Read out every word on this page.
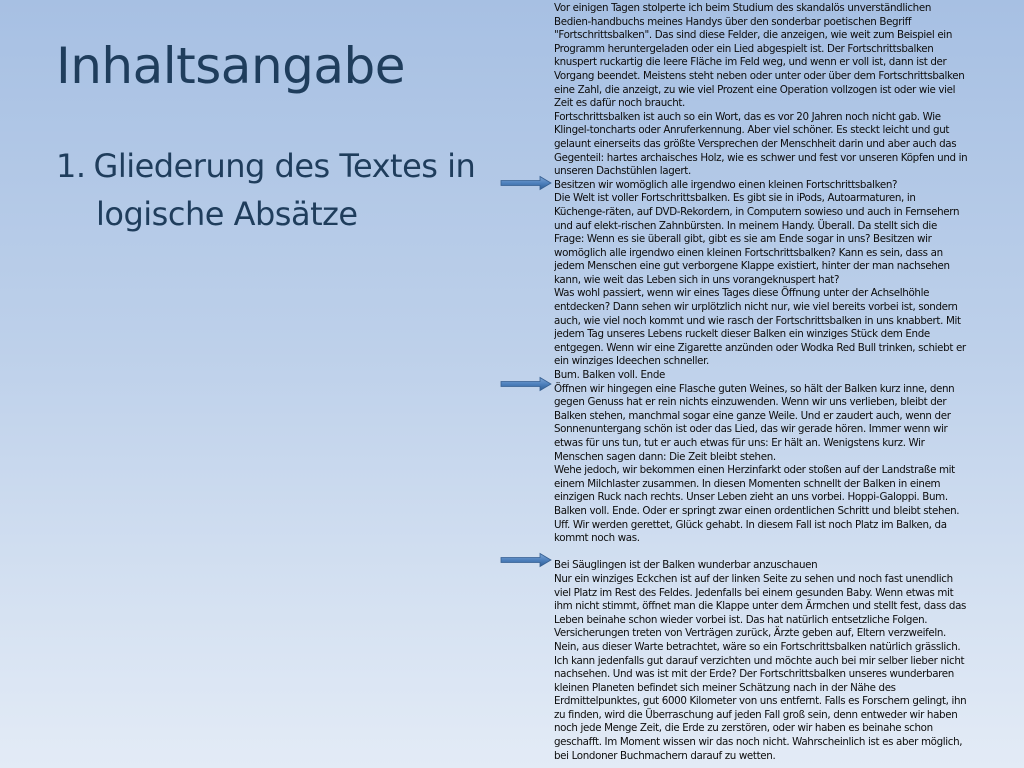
Inhaltsangabe
1. Gliederung des Textes in logische Absätze

Vor einigen Tagen stolperte ich beim Studium des skandalös unverständlichen Bedien-handbuchs meines Handys über den sonderbar poetischen Begriff "Fortschrittsbalken". Das sind diese Felder, die anzeigen, wie weit zum Beispiel ein Programm heruntergeladen oder ein Lied abgespielt ist. Der Fortschrittsbalken knuspert ruckartig die leere Fläche im Feld weg, und wenn er voll ist, dann ist der Vorgang beendet. Meistens steht neben oder unter oder über dem Fortschrittsbalken eine Zahl, die anzeigt, zu wie viel Prozent eine Operation vollzogen ist oder wie viel Zeit es dafür noch braucht.

Fortschrittsbalken ist auch so ein Wort, das es vor 20 Jahren noch nicht gab. Wie Klingel-toncharts oder Anruferkennung. Aber viel schöner. Es steckt leicht und gut gelaunt einerseits das größte Versprechen der Menschheit darin und aber auch das Gegenteil: hartes archaisches Holz, wie es schwer und fest vor unseren Köpfen und in unseren Dachstühlen lagert.

Besitzen wir womöglich alle irgendwo einen kleinen Fortschrittsbalken?

Die Welt ist voller Fortschrittsbalken. Es gibt sie in iPods, Autoarmaturen, in Küchenge-räten, auf DVD-Rekordern, in Computern sowieso und auch in Fernsehern und auf elekt-rischen Zahnbürsten. In meinem Handy. Überall. Da stellt sich die Frage: Wenn es sie überall gibt, gibt es sie am Ende sogar in uns? Besitzen wir womöglich alle irgendwo einen kleinen Fortschrittsbalken? Kann es sein, dass an jedem Menschen eine gut verborgene Klappe existiert, hinter der man nachsehen kann, wie weit das Leben sich in uns vorangeknuspert hat?

Was wohl passiert, wenn wir eines Tages diese Öffnung unter der Achselhöhle entdecken? Dann sehen wir urplötzlich nicht nur, wie viel bereits vorbei ist, sondern auch, wie viel noch kommt und wie rasch der Fortschrittsbalken in uns knabbert. Mit jedem Tag unseres Lebens ruckelt dieser Balken ein winziges Stück dem Ende entgegen. Wenn wir eine Zigarette anzünden oder Wodka Red Bull trinken, schiebt er ein winziges Ideechen schneller.

Bum. Balken voll. Ende

Öffnen wir hingegen eine Flasche guten Weines, so hält der Balken kurz inne, denn gegen Genuss hat er rein nichts einzuwenden. Wenn wir uns verlieben, bleibt der Balken stehen, manchmal sogar eine ganze Weile. Und er zaudert auch, wenn der Sonnenuntergang schön ist oder das Lied, das wir gerade hören. Immer wenn wir etwas für uns tun, tut er auch etwas für uns: Er hält an. Wenigstens kurz. Wir Menschen sagen dann: Die Zeit bleibt stehen.

Wehe jedoch, wir bekommen einen Herzinfarkt oder stoßen auf der Landstraße mit einem Milchlaster zusammen. In diesen Momenten schnellt der Balken in einem einzigen Ruck nach rechts. Unser Leben zieht an uns vorbei. Hoppi-Galoppi. Bum. Balken voll. Ende. Oder er springt zwar einen ordentlichen Schritt und bleibt stehen. Uff. Wir werden gerettet, Glück gehabt. In diesem Fall ist noch Platz im Balken, da kommt noch was.

Bei Säuglingen ist der Balken wunderbar anzuschauen

Nur ein winziges Eckchen ist auf der linken Seite zu sehen und noch fast unendlich viel Platz im Rest des Feldes. Jedenfalls bei einem gesunden Baby. Wenn etwas mit ihm nicht stimmt, öffnet man die Klappe unter dem Ärmchen und stellt fest, dass das Leben beinahe schon wieder vorbei ist. Das hat natürlich entsetzliche Folgen. Versicherungen treten von Verträgen zurück, Ärzte geben auf, Eltern verzweifeln. Nein, aus dieser Warte betrachtet, wäre so ein Fortschrittsbalken natürlich grässlich.

Ich kann jedenfalls gut darauf verzichten und möchte auch bei mir selber lieber nicht nachsehen. Und was ist mit der Erde? Der Fortschrittsbalken unseres wunderbaren kleinen Planeten befindet sich meiner Schätzung nach in der Nähe des Erdmittelpunktes, gut 6000 Kilometer von uns entfernt. Falls es Forschern gelingt, ihn zu finden, wird die Überraschung auf jeden Fall groß sein, denn entweder wir haben noch jede Menge Zeit, die Erde zu zerstören, oder wir haben es beinahe schon geschafft. Im Moment wissen wir das noch nicht. Wahrscheinlich ist es aber möglich, bei Londoner Buchmachern darauf zu wetten.
